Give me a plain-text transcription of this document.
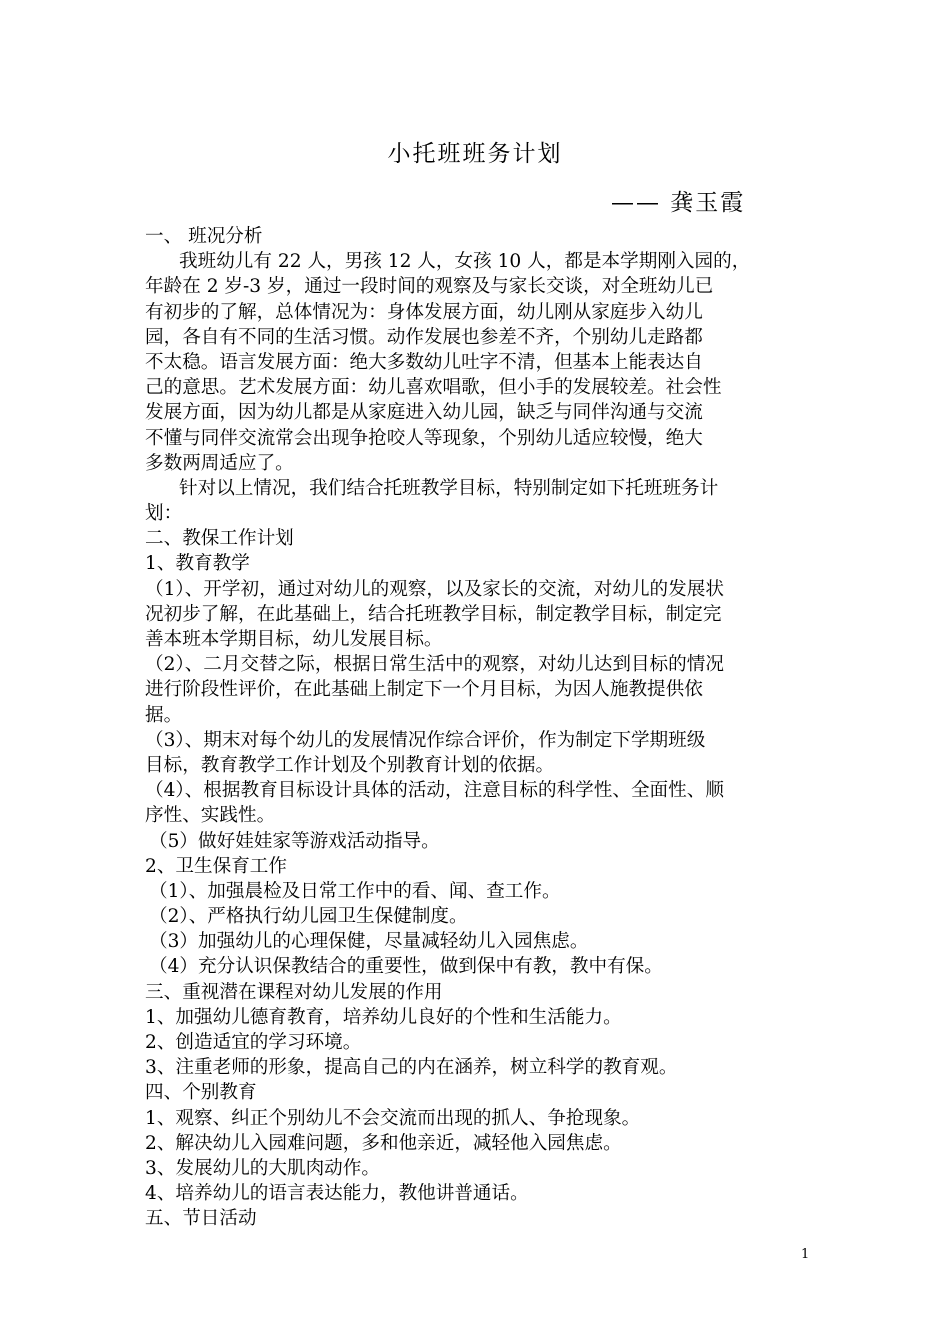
小托班班务计划
—— 龚玉霞
一、 班况分析
我班幼儿有 22 人，男孩 12 人，女孩 10 人，都是本学期刚入园的，
年龄在 2 岁-3 岁，通过一段时间的观察及与家长交谈，对全班幼儿已
有初步的了解，总体情况为：身体发展方面，幼儿刚从家庭步入幼儿
园，各自有不同的生活习惯。动作发展也参差不齐，个别幼儿走路都
不太稳。语言发展方面：绝大多数幼儿吐字不清，但基本上能表达自
己的意思。艺术发展方面：幼儿喜欢唱歌，但小手的发展较差。社会性
发展方面，因为幼儿都是从家庭进入幼儿园，缺乏与同伴沟通与交流
不懂与同伴交流常会出现争抢咬人等现象，个别幼儿适应较慢，绝大
多数两周适应了。
针对以上情况，我们结合托班教学目标，特别制定如下托班班务计
划：
二、教保工作计划
1、教育教学
（1）、开学初，通过对幼儿的观察，以及家长的交流，对幼儿的发展状
况初步了解，在此基础上，结合托班教学目标，制定教学目标，制定完
善本班本学期目标，幼儿发展目标。
（2）、二月交替之际，根据日常生活中的观察，对幼儿达到目标的情况
进行阶段性评价，在此基础上制定下一个月目标，为因人施教提供依
据。
（3）、期末对每个幼儿的发展情况作综合评价，作为制定下学期班级
目标，教育教学工作计划及个别教育计划的依据。
（4）、根据教育目标设计具体的活动，注意目标的科学性、全面性、顺
序性、实践性。
（5）做好娃娃家等游戏活动指导。
2、卫生保育工作
（1）、加强晨检及日常工作中的看、闻、查工作。
（2）、严格执行幼儿园卫生保健制度。
（3）加强幼儿的心理保健，尽量减轻幼儿入园焦虑。
（4）充分认识保教结合的重要性，做到保中有教，教中有保。
三、重视潜在课程对幼儿发展的作用
1、加强幼儿德育教育，培养幼儿良好的个性和生活能力。
2、创造适宜的学习环境。
3、注重老师的形象，提高自己的内在涵养，树立科学的教育观。
四、个别教育
1、观察、纠正个别幼儿不会交流而出现的抓人、争抢现象。
2、解决幼儿入园难问题，多和他亲近，减轻他入园焦虑。
3、发展幼儿的大肌肉动作。
4、培养幼儿的语言表达能力，教他讲普通话。
五、节日活动
1
